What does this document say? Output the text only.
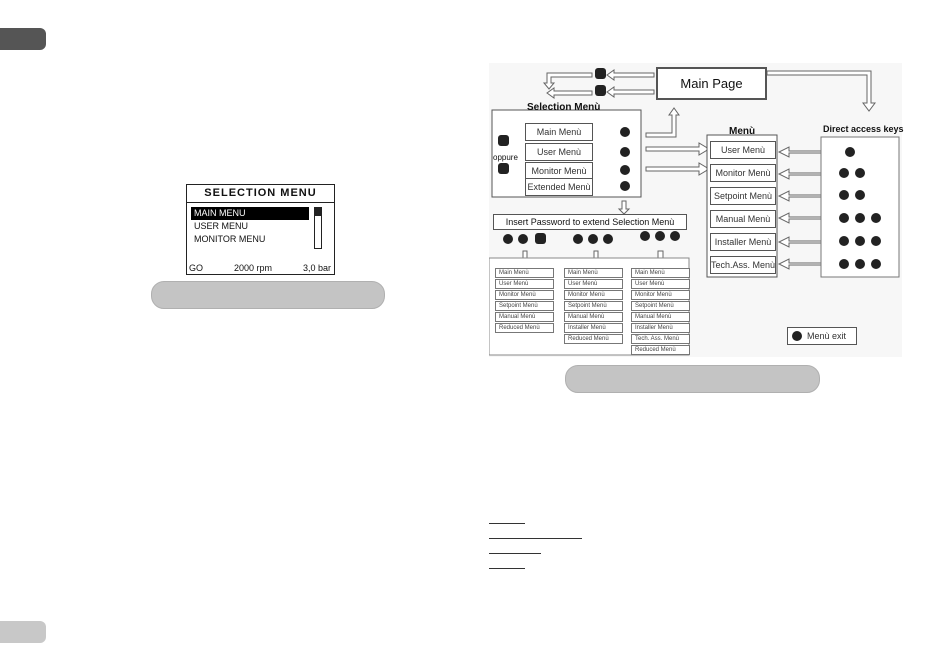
SELECTION MENU
MAIN MENU
USER MENU
MONITOR MENU
GO	2000 rpm	3,0 bar
Main Page
Selection Menù
Menù	Direct access keys
oppure
Main Menù
User Menù
Monitor Menù
Extended Menù
Insert Password to extend Selection Menù
User Menù
Monitor Menù
Setpoint Menù
Manual Menù
Installer Menù
Tech.Ass. Menù
Main Menù
User Menù
Monitor Menù
Setpoint Menù
Manual Menù
Reduced Menù
Main Menù
User Menù
Monitor Menù
Setpoint Menù
Manual Menù
Installer Menù
Reduced Menù
Main Menù
User Menù
Monitor Menù
Setpoint Menù
Manual Menù
Installer Menù
Tech. Ass. Menù
Reduced Menù
Menù exit
